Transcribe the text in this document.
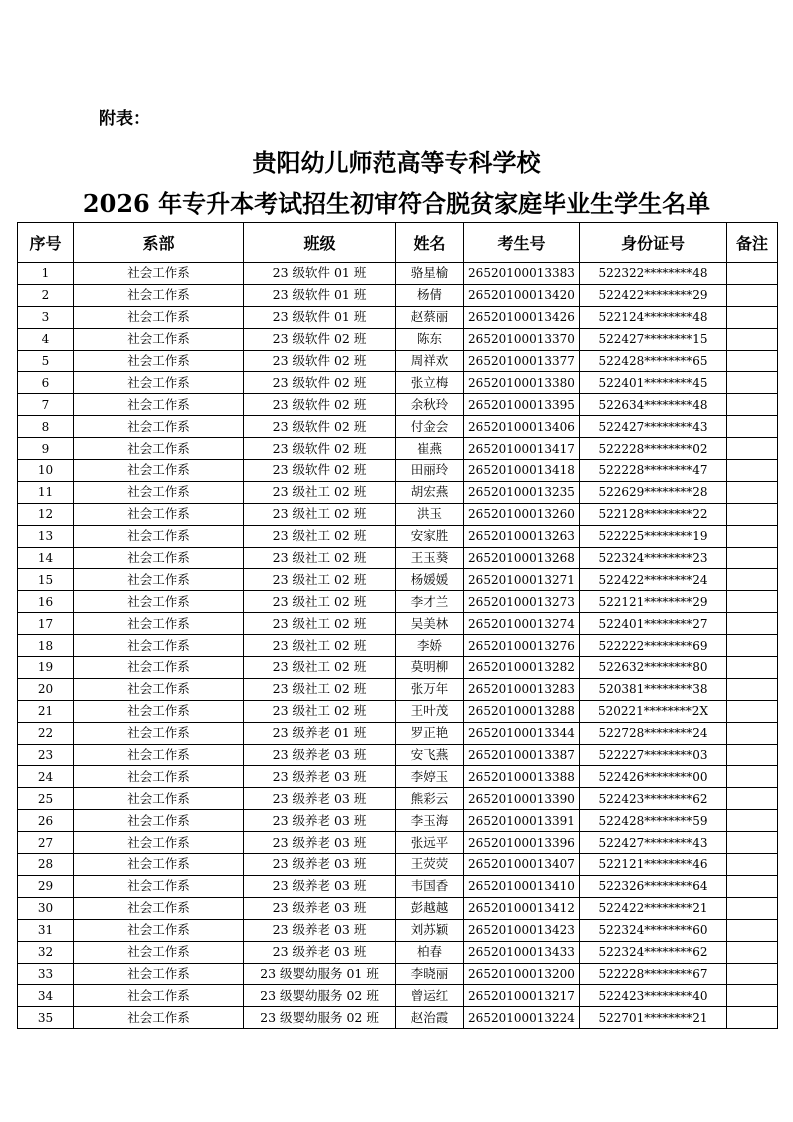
附表：
贵阳幼儿师范高等专科学校
2026 年专升本考试招生初审符合脱贫家庭毕业生学生名单
序号	系部	班级	姓名	考生号	身份证号	备注
1	社会工作系	23 级软件 01 班	骆星榆	26520100013383	522322********48	
2	社会工作系	23 级软件 01 班	杨倩	26520100013420	522422********29	
3	社会工作系	23 级软件 01 班	赵蔡丽	26520100013426	522124********48	
4	社会工作系	23 级软件 02 班	陈东	26520100013370	522427********15	
5	社会工作系	23 级软件 02 班	周祥欢	26520100013377	522428********65	
6	社会工作系	23 级软件 02 班	张立梅	26520100013380	522401********45	
7	社会工作系	23 级软件 02 班	余秋玲	26520100013395	522634********48	
8	社会工作系	23 级软件 02 班	付金会	26520100013406	522427********43	
9	社会工作系	23 级软件 02 班	崔燕	26520100013417	522228********02	
10	社会工作系	23 级软件 02 班	田丽玲	26520100013418	522228********47	
11	社会工作系	23 级社工 02 班	胡宏燕	26520100013235	522629********28	
12	社会工作系	23 级社工 02 班	洪玉	26520100013260	522128********22	
13	社会工作系	23 级社工 02 班	安家胜	26520100013263	522225********19	
14	社会工作系	23 级社工 02 班	王玉葵	26520100013268	522324********23	
15	社会工作系	23 级社工 02 班	杨媛媛	26520100013271	522422********24	
16	社会工作系	23 级社工 02 班	李才兰	26520100013273	522121********29	
17	社会工作系	23 级社工 02 班	吴美林	26520100013274	522401********27	
18	社会工作系	23 级社工 02 班	李娇	26520100013276	522222********69	
19	社会工作系	23 级社工 02 班	莫明柳	26520100013282	522632********80	
20	社会工作系	23 级社工 02 班	张万年	26520100013283	520381********38	
21	社会工作系	23 级社工 02 班	王叶茂	26520100013288	520221********2X	
22	社会工作系	23 级养老 01 班	罗正艳	26520100013344	522728********24	
23	社会工作系	23 级养老 03 班	安飞燕	26520100013387	522227********03	
24	社会工作系	23 级养老 03 班	李婷玉	26520100013388	522426********00	
25	社会工作系	23 级养老 03 班	熊彩云	26520100013390	522423********62	
26	社会工作系	23 级养老 03 班	李玉海	26520100013391	522428********59	
27	社会工作系	23 级养老 03 班	张远平	26520100013396	522427********43	
28	社会工作系	23 级养老 03 班	王荧荧	26520100013407	522121********46	
29	社会工作系	23 级养老 03 班	韦国香	26520100013410	522326********64	
30	社会工作系	23 级养老 03 班	彭越越	26520100013412	522422********21	
31	社会工作系	23 级养老 03 班	刘苏颖	26520100013423	522324********60	
32	社会工作系	23 级养老 03 班	柏春	26520100013433	522324********62	
33	社会工作系	23 级婴幼服务 01 班	李晓丽	26520100013200	522228********67	
34	社会工作系	23 级婴幼服务 02 班	曾运红	26520100013217	522423********40	
35	社会工作系	23 级婴幼服务 02 班	赵治霞	26520100013224	522701********21	
